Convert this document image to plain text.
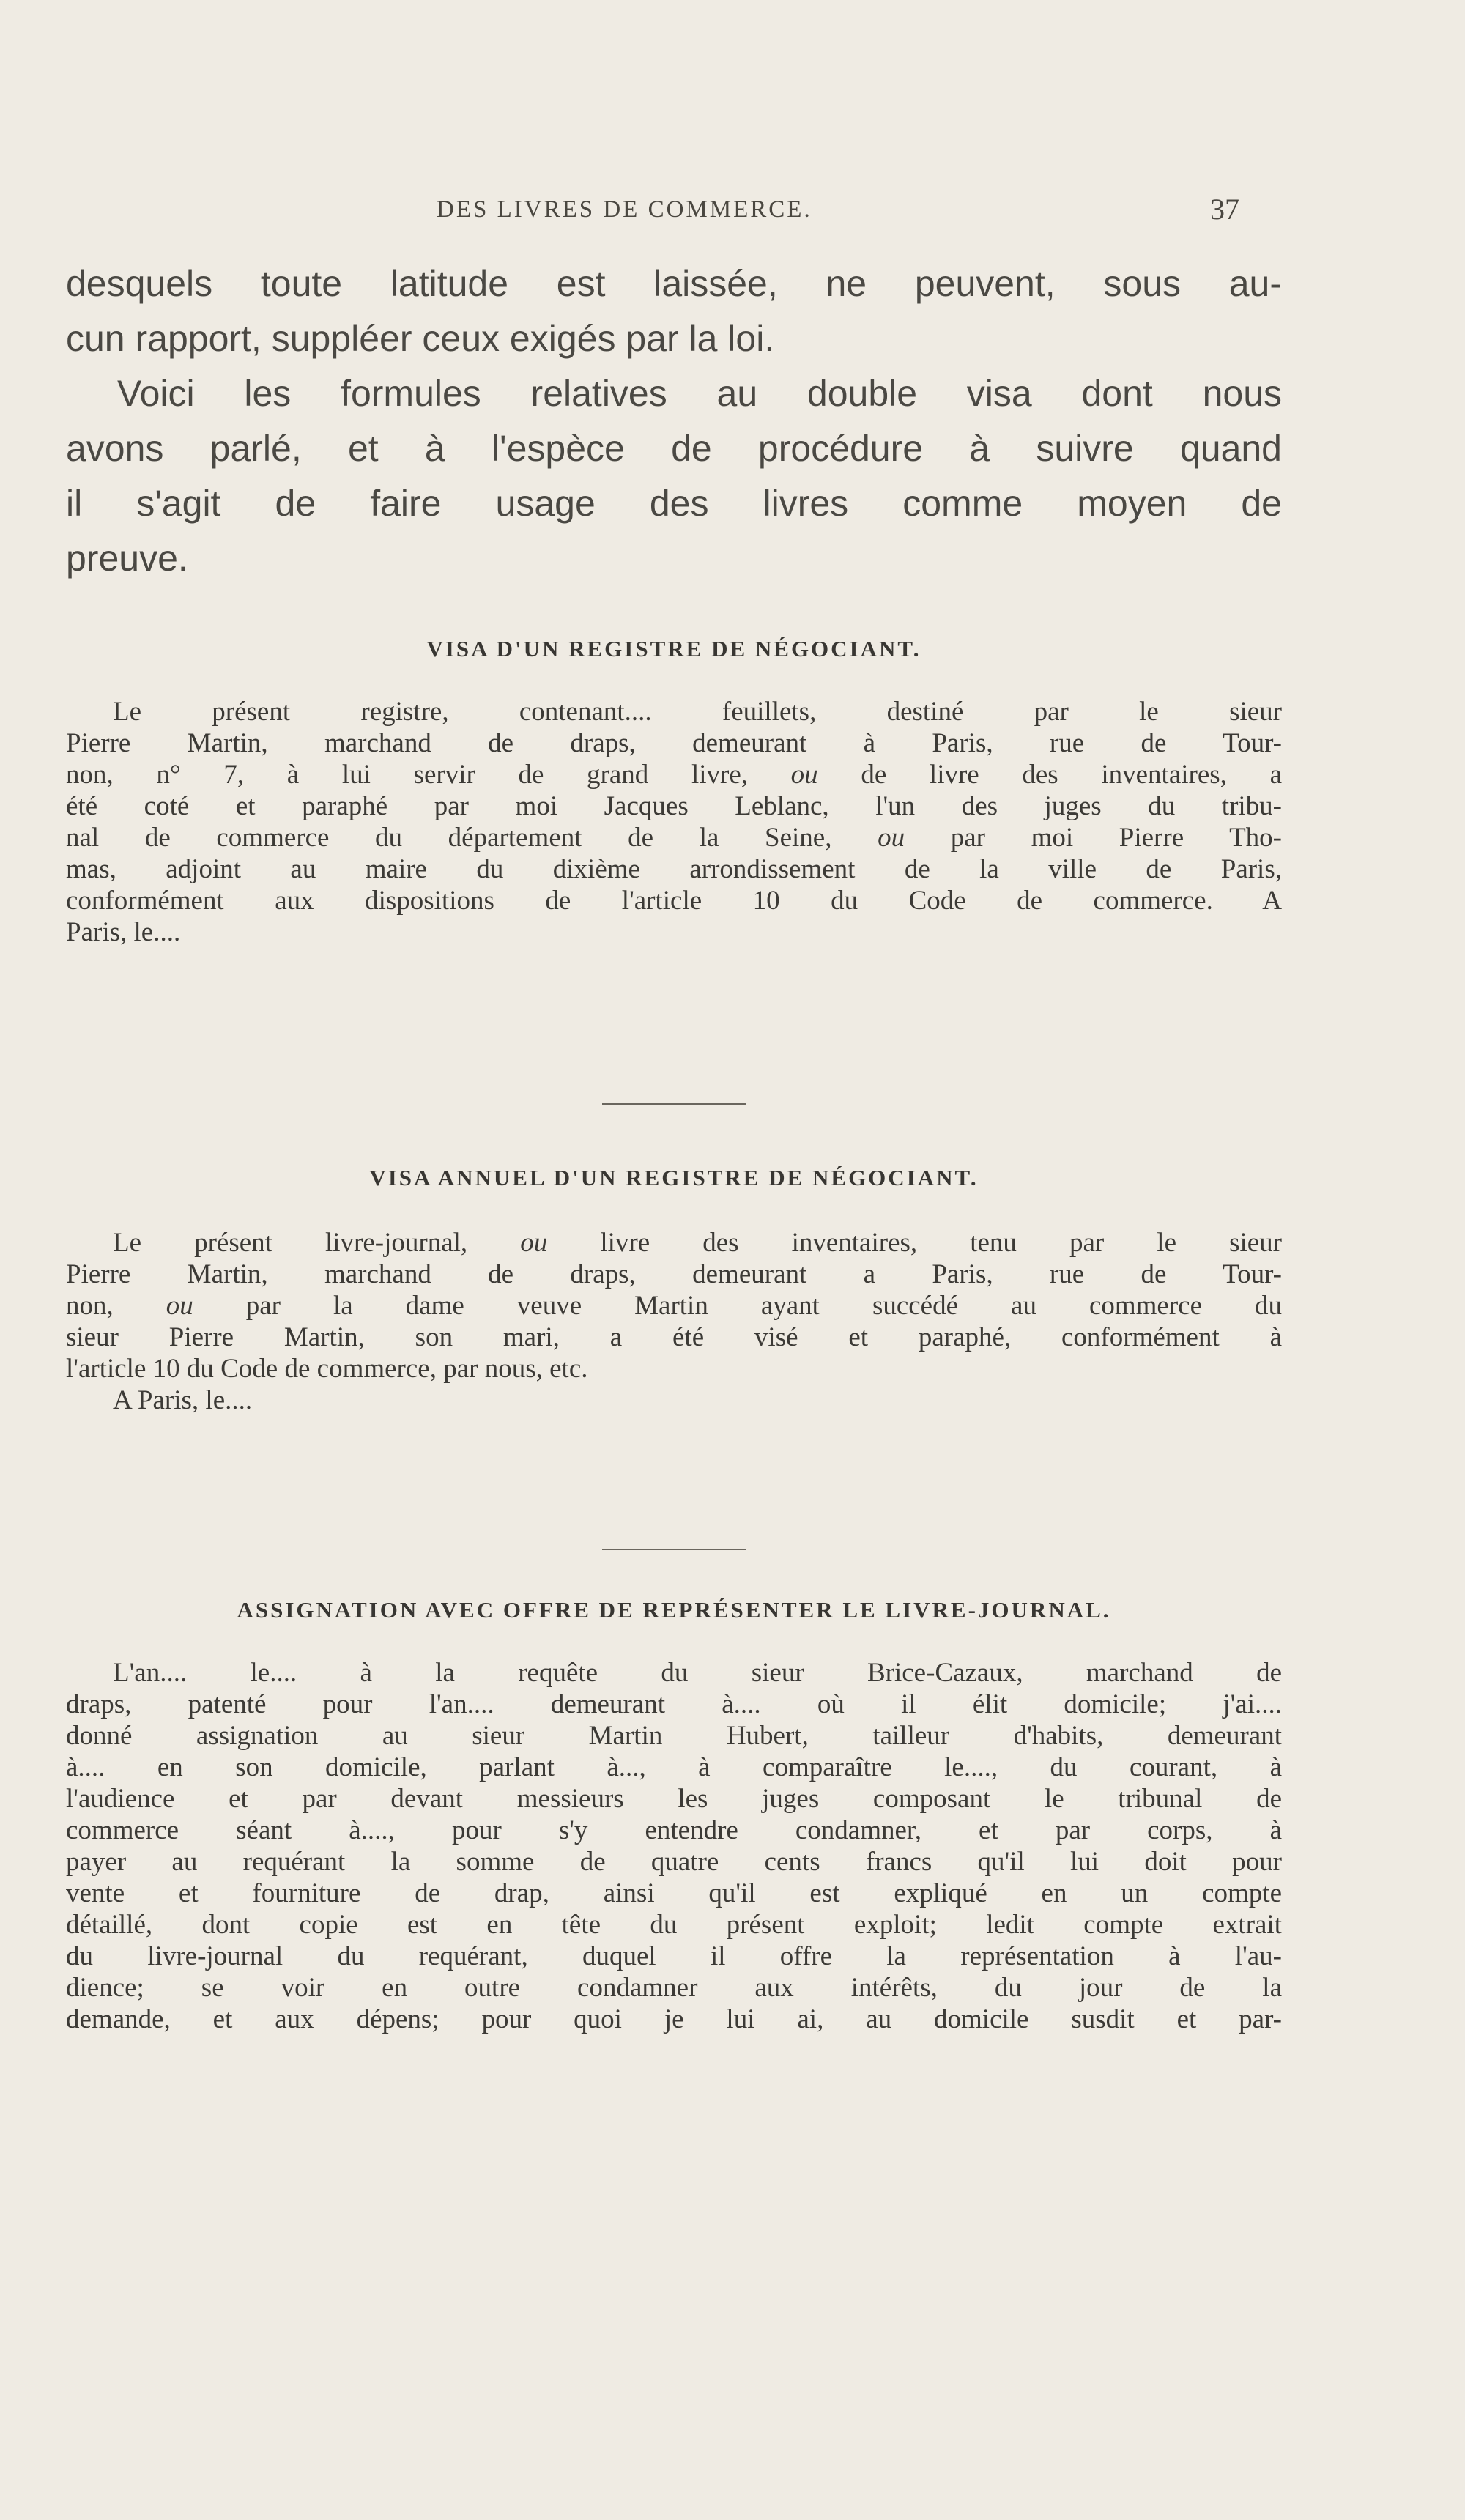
DES LIVRES DE COMMERCE.	37

desquels toute latitude est laissée, ne peuvent, sous au-
cun rapport, suppléer ceux exigés par la loi.
Voici les formules relatives au double visa dont nous
avons parlé, et à l'espèce de procédure à suivre quand
il s'agit de faire usage des livres comme moyen de
preuve.

VISA D'UN REGISTRE DE NÉGOCIANT.

Le présent registre, contenant.... feuillets, destiné par le sieur
Pierre Martin, marchand de draps, demeurant à Paris, rue de Tour-
non, n° 7, à lui servir de grand livre, ou de livre des inventaires, a
été coté et paraphé par moi Jacques Leblanc, l'un des juges du tribu-
nal de commerce du département de la Seine, ou par moi Pierre Tho-
mas, adjoint au maire du dixième arrondissement de la ville de Paris,
conformément aux dispositions de l'article 10 du Code de commerce. A
Paris, le....

VISA ANNUEL D'UN REGISTRE DE NÉGOCIANT.

Le présent livre-journal, ou livre des inventaires, tenu par le sieur
Pierre Martin, marchand de draps, demeurant a Paris, rue de Tour-
non, ou par la dame veuve Martin ayant succédé au commerce du
sieur Pierre Martin, son mari, a été visé et paraphé, conformément à
l'article 10 du Code de commerce, par nous, etc.
A Paris, le....

ASSIGNATION AVEC OFFRE DE REPRÉSENTER LE LIVRE-JOURNAL.

L'an.... le.... à la requête du sieur Brice-Cazaux, marchand de
draps, patenté pour l'an.... demeurant à.... où il élit domicile; j'ai....
donné assignation au sieur Martin Hubert, tailleur d'habits, demeurant
à.... en son domicile, parlant à..., à comparaître le...., du courant, à
l'audience et par devant messieurs les juges composant le tribunal de
commerce séant à...., pour s'y entendre condamner, et par corps, à
payer au requérant la somme de quatre cents francs qu'il lui doit pour
vente et fourniture de drap, ainsi qu'il est expliqué en un compte
détaillé, dont copie est en tête du présent exploit; ledit compte extrait
du livre-journal du requérant, duquel il offre la représentation à l'au-
dience; se voir en outre condamner aux intérêts, du jour de la
demande, et aux dépens; pour quoi je lui ai, au domicile susdit et par-
